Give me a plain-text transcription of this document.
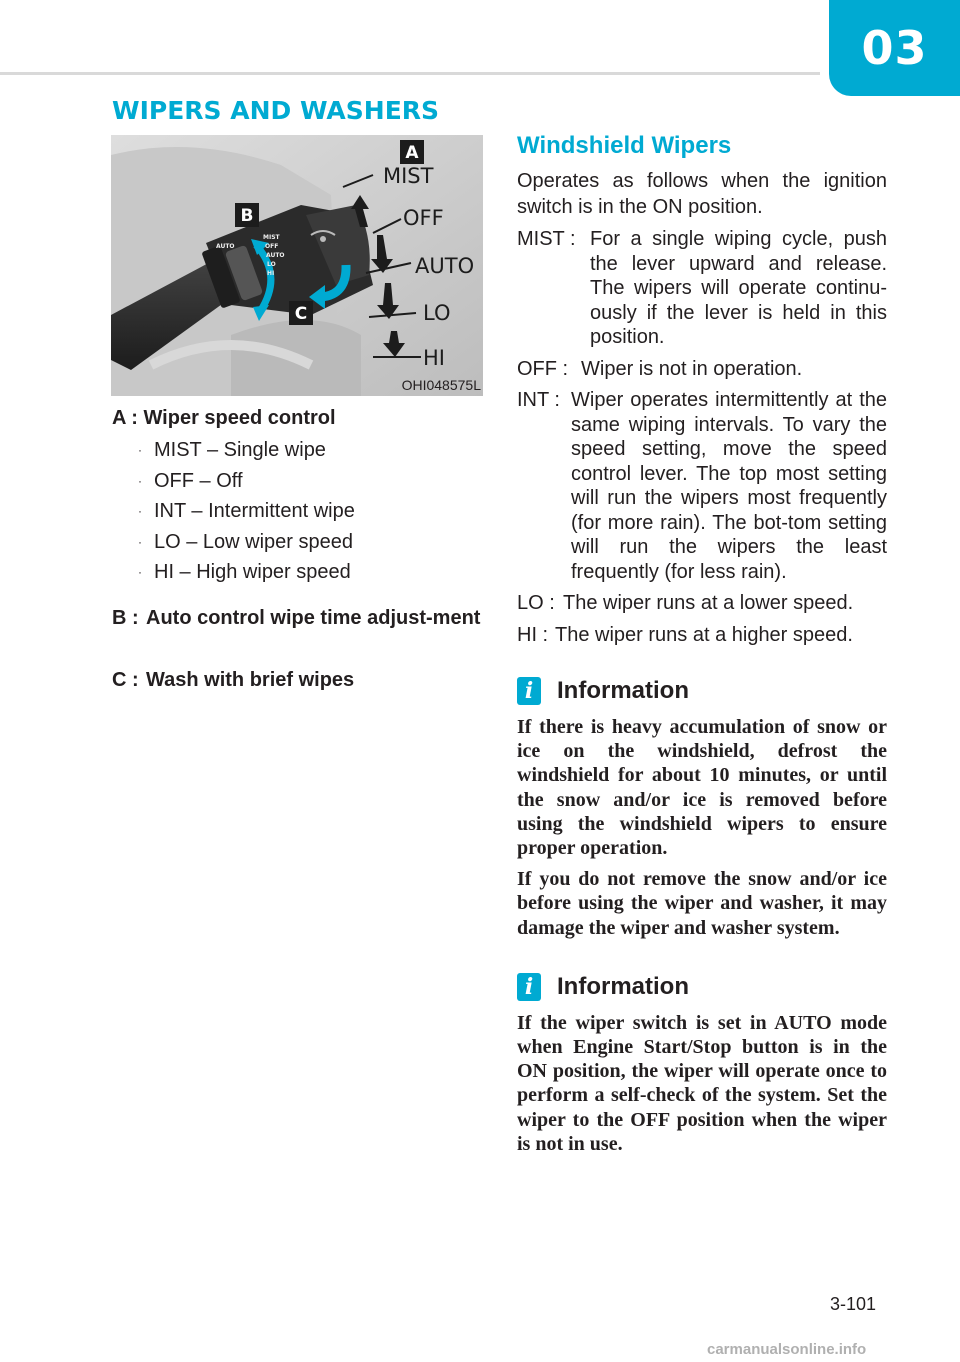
03
WIPERS AND WASHERS
AUTO
MIST
OFF
AUTO
LO
HI
A
B
C
MIST
OFF
AUTO
LO
HI
OHI048575L
A : Wiper speed control
· MIST – Single wipe
· OFF – Off
· INT – Intermittent wipe
· LO – Low wiper speed
· HI – High wiper speed
B : Auto control wipe time adjust-ment
C : Wash with brief wipes
Windshield Wipers

Operates as follows when the ignition switch is in the ON position.

MIST : For a single wiping cycle, push the lever upward and release. The wipers will operate continu-ously if the lever is held in this position.
OFF : Wiper is not in operation.
INT : Wiper operates intermittently at the same wiping intervals. To vary the speed setting, move the speed control lever. The top most setting will run the wipers most frequently (for more rain). The bot-tom setting will run the wipers the least frequently (for less rain).
LO : The wiper runs at a lower speed.
HI : The wiper runs at a higher speed.
i Information

If there is heavy accumulation of snow or ice on the windshield, defrost the windshield for about 10 minutes, or until the snow and/or ice is removed before using the windshield wipers to ensure proper operation.

If you do not remove the snow and/or ice before using the wiper and washer, it may damage the wiper and washer system.

i Information

If the wiper switch is set in AUTO mode when Engine Start/Stop button is in the ON position, the wiper will operate once to perform a self-check of the system. Set the wiper to the OFF position when the wiper is not in use.

3-101
carmanualsonline.info
